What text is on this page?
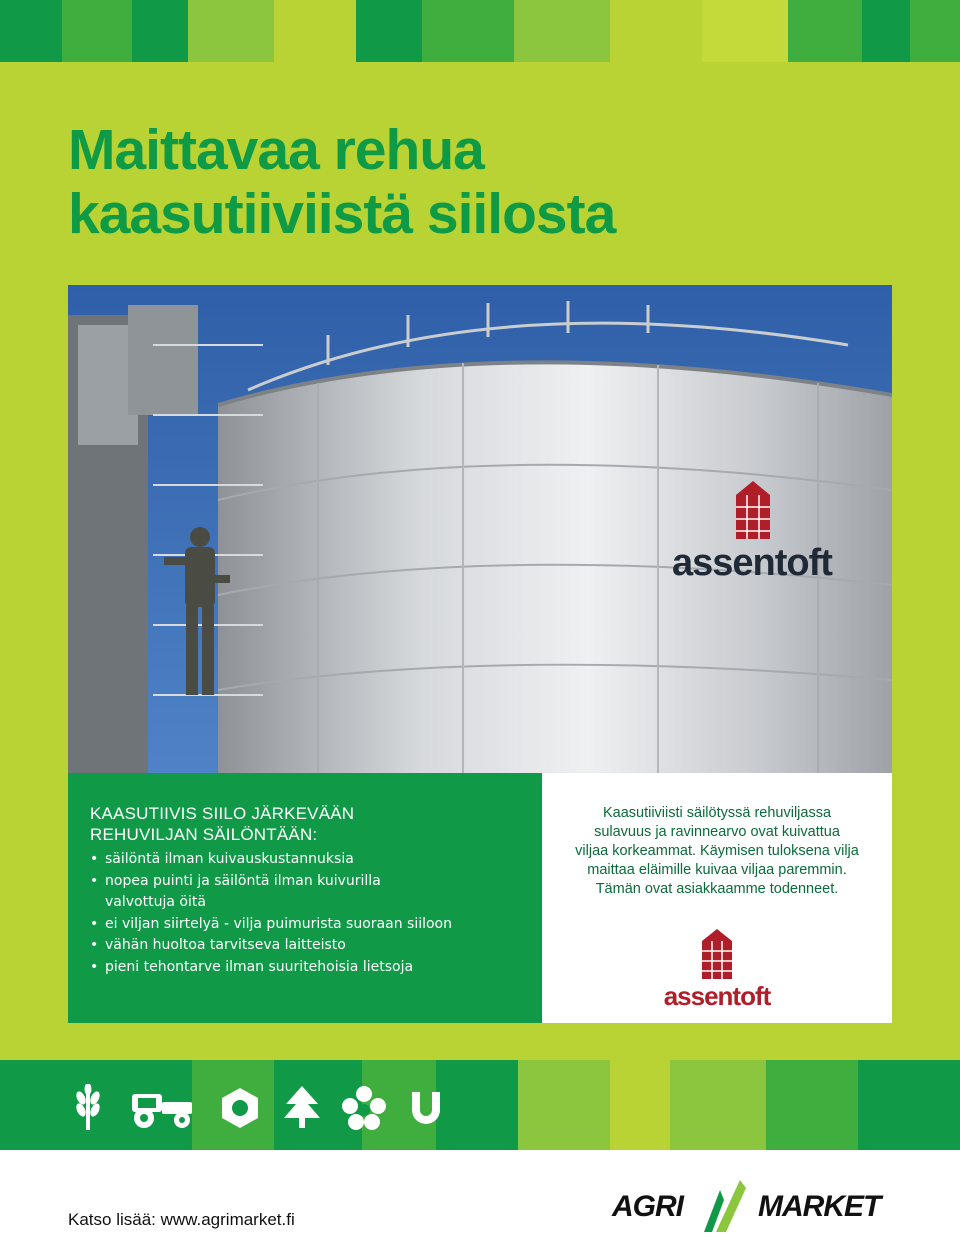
Maittavaa rehua
kaasutiiviistä siilosta
assentoft
KAASUTIIVIS SIILO JÄRKEVÄÄN
REHUVILJAN SÄILÖNTÄÄN:
• säilöntä ilman kuivauskustannuksia
• nopea puinti ja säilöntä ilman kuivurilla
valvottuja öitä
• ei viljan siirtelyä - vilja puimurista suoraan siiloon
• vähän huoltoa tarvitseva laitteisto
• pieni tehontarve ilman suuritehoisia lietsoja
Kaasutiiviisti säilötyssä rehuviljassa
sulavuus ja ravinnearvo ovat kuivattua
viljaa korkeammat. Käymisen tuloksena vilja
maittaa eläimille kuivaa viljaa paremmin.
Tämän ovat asiakkaamme todenneet.
assentoft
Katso lisää: www.agrimarket.fi	AGRI	MARKET
